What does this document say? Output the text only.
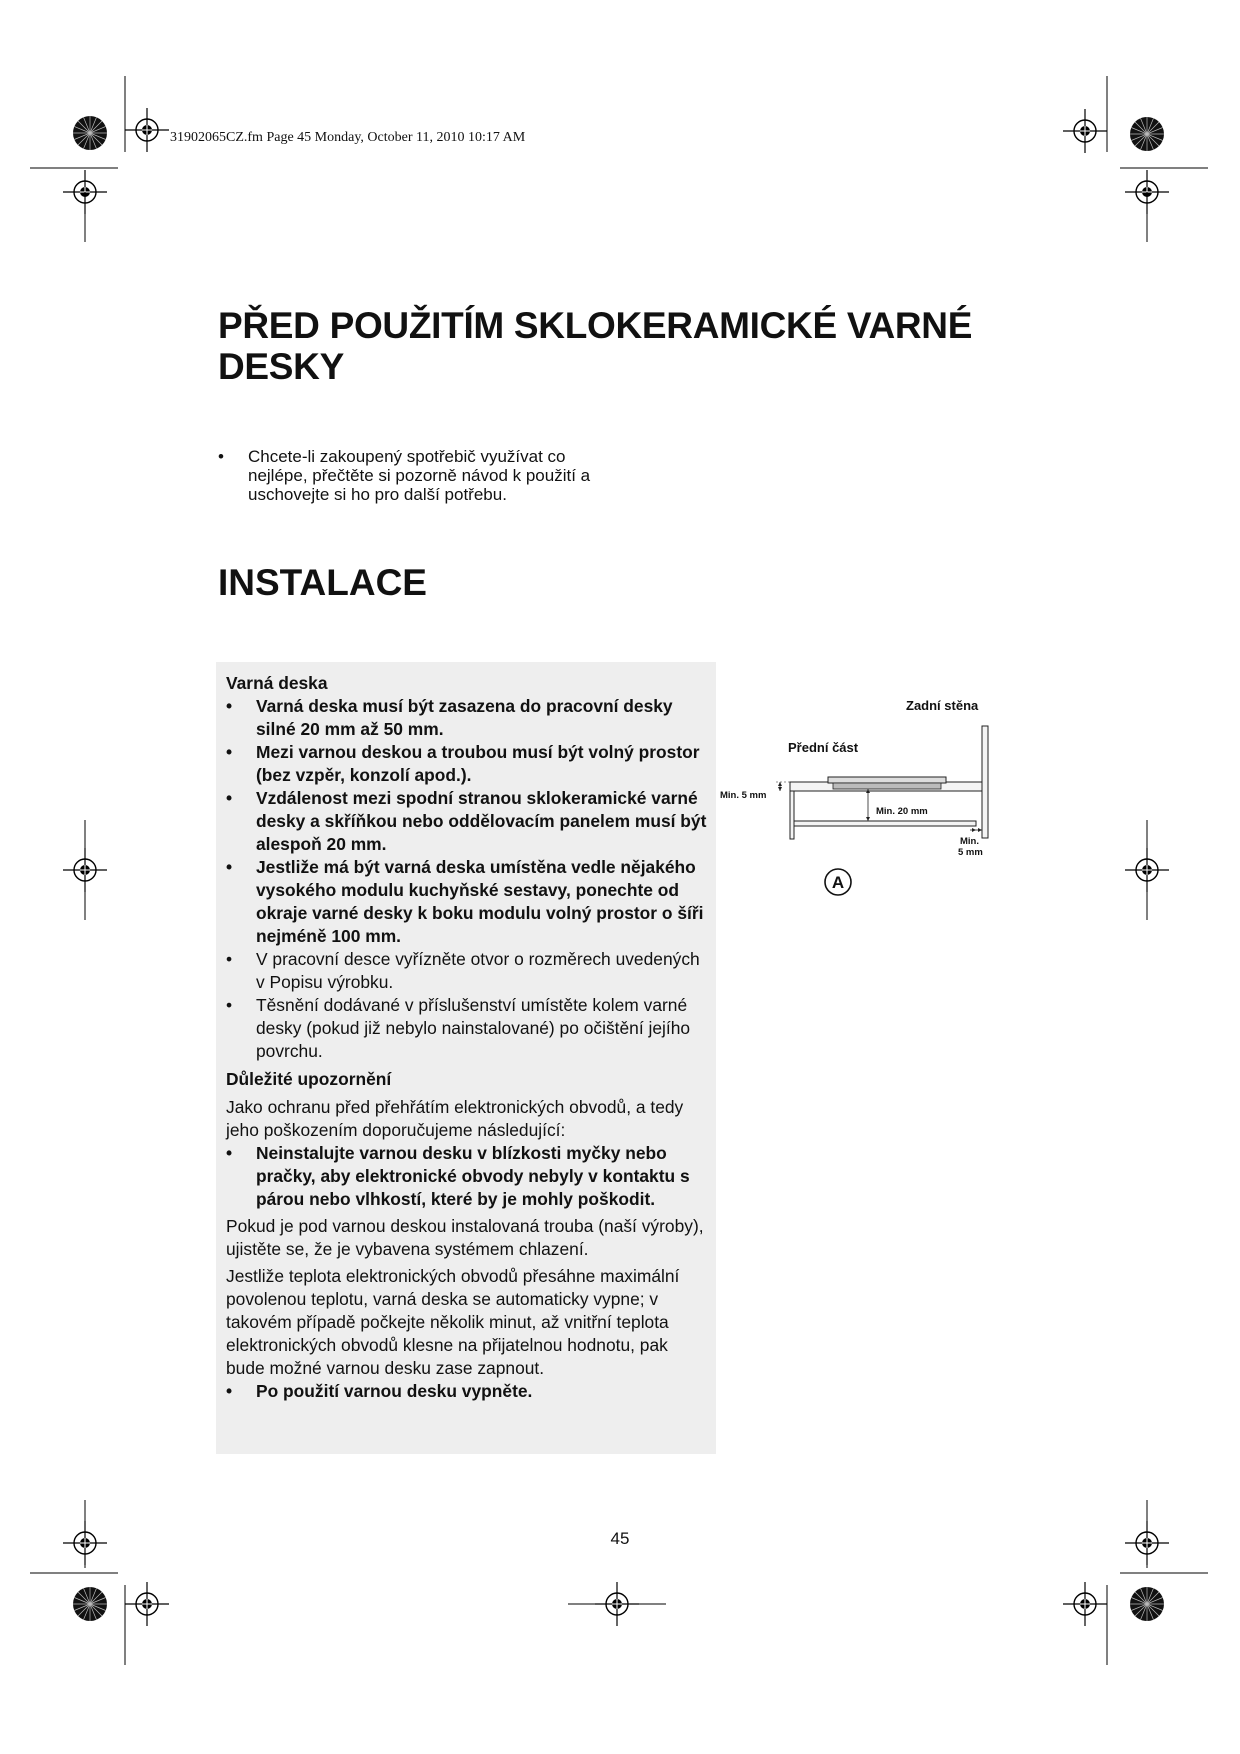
31902065CZ.fm Page 45 Monday, October 11, 2010 10:17 AM
PŘED POUŽITÍM SKLOKERAMICKÉ VARNÉ DESKY
• Chcete-li zakoupený spotřebič využívat co nejlépe, přečtěte si pozorně návod k použití a uschovejte si ho pro další potřebu.
INSTALACE
Varná deska
• Varná deska musí být zasazena do pracovní desky silné 20 mm až 50 mm.
• Mezi varnou deskou a troubou musí být volný prostor (bez vzpěr, konzolí apod.).
• Vzdálenost mezi spodní stranou sklokeramické varné desky a skříňkou nebo oddělovacím panelem musí být alespoň 20 mm.
• Jestliže má být varná deska umístěna vedle nějakého vysokého modulu kuchyňské sestavy, ponechte od okraje varné desky k boku modulu volný prostor o šíři nejméně 100 mm.
• V pracovní desce vyřízněte otvor o rozměrech uvedených v Popisu výrobku.
• Těsnění dodávané v příslušenství umístěte kolem varné desky (pokud již nebylo nainstalované) po očištění jejího povrchu.
Důležité upozornění

Jako ochranu před přehřátím elektronických obvodů, a tedy jeho poškozením doporučujeme následující:

• Neinstalujte varnou desku v blízkosti myčky nebo pračky, aby elektronické obvody nebyly v kontaktu s párou nebo vlhkostí, které by je mohly poškodit.

Pokud je pod varnou deskou instalovaná trouba (naší výroby), ujistěte se, že je vybavena systémem chlazení.

Jestliže teplota elektronických obvodů přesáhne maximální povolenou teplotu, varná deska se automaticky vypne; v takovém případě počkejte několik minut, až vnitřní teplota elektronických obvodů klesne na přijatelnou hodnotu, pak bude možné varnou desku zase zapnout.

• Po použití varnou desku vypněte.
Zadní stěna
Přední část
Min. 5 mm
Min. 20 mm
Min.
5 mm
A
45
